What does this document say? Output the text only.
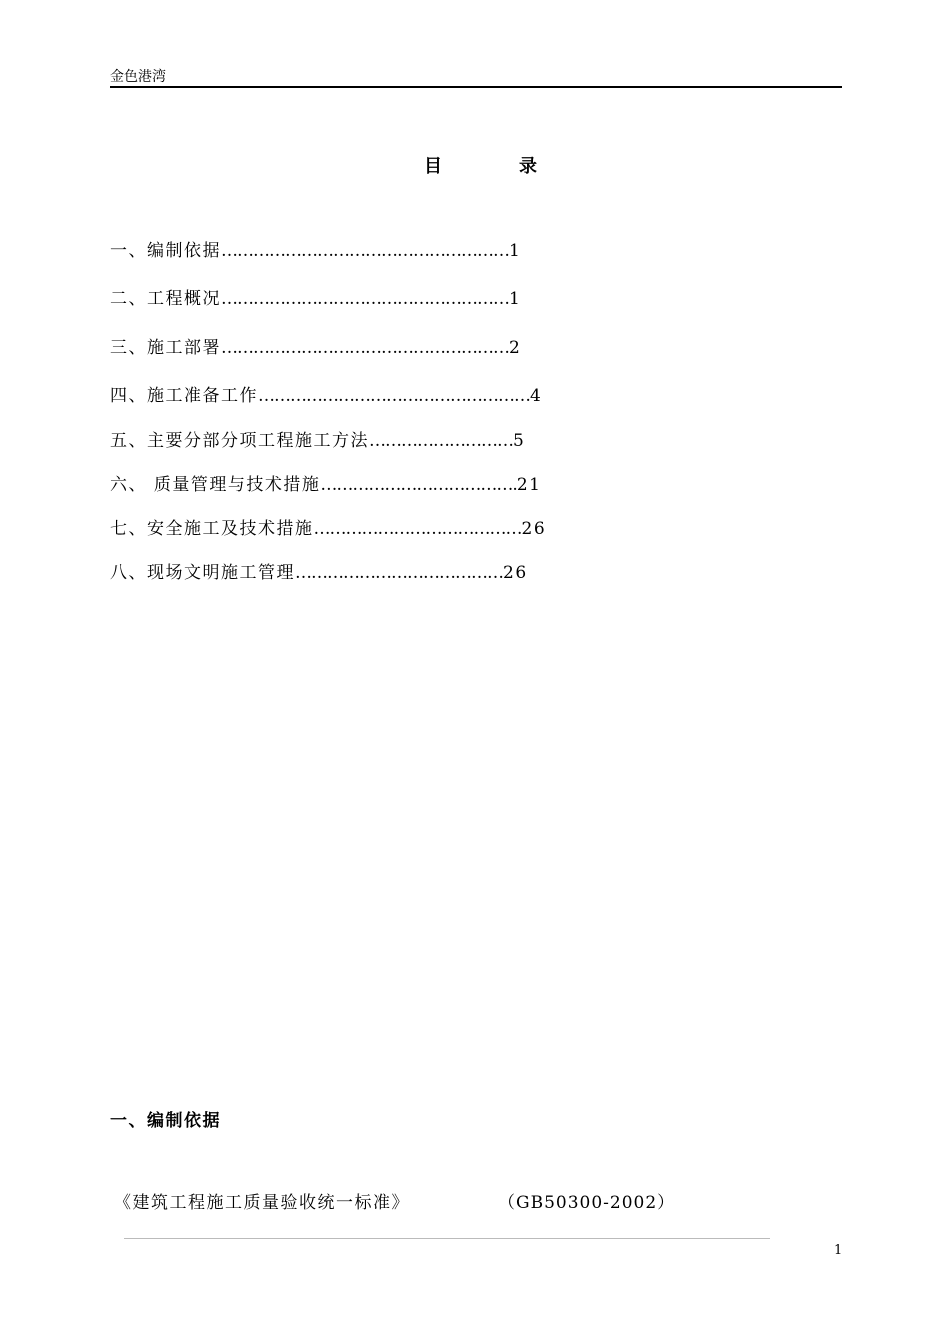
金色港湾
目	录
一、编制依据………………………………………………1
二、工程概况………………………………………………1
三、施工部署………………………………………………2
四、施工准备工作……………………………………………4
五、主要分部分项工程施工方法………………………5
六、 质量管理与技术措施……………………………….21
七、安全施工及技术措施…………………………………26
八、现场文明施工管理…………………………………26
一、编制依据
《建筑工程施工质量验收统一标准》	（GB50300-2002）
1
